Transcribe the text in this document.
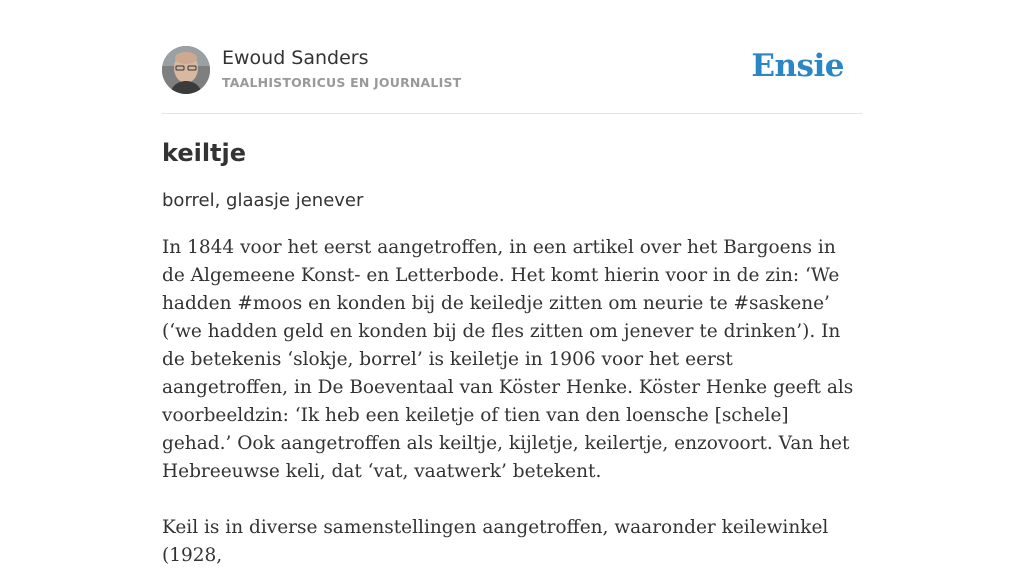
Ewoud Sanders
TAALHISTORICUS EN JOURNALIST	Ensie
keiltje

borrel, glaasje jenever

In 1844 voor het eerst aangetroffen, in een artikel over het Bargoens in de Algemeene Konst- en Letterbode. Het komt hierin voor in de zin: ‘We hadden #moos en konden bij de keiledje zitten om neurie te #saskene’ (‘we hadden geld en konden bij de fles zitten om jenever te drinken’). In de betekenis ‘slokje, borrel’ is keiletje in 1906 voor het eerst aangetroffen, in De Boeventaal van Köster Henke. Köster Henke geeft als voorbeeldzin: ‘Ik heb een keiletje of tien van den loensche [schele] gehad.’ Ook aangetroffen als keiltje, kijletje, keilertje, enzovoort. Van het Hebreeuwse keli, dat ‘vat, vaatwerk’ betekent.

Keil is in diverse samenstellingen aangetroffen, waaronder keilewinkel (1928,
